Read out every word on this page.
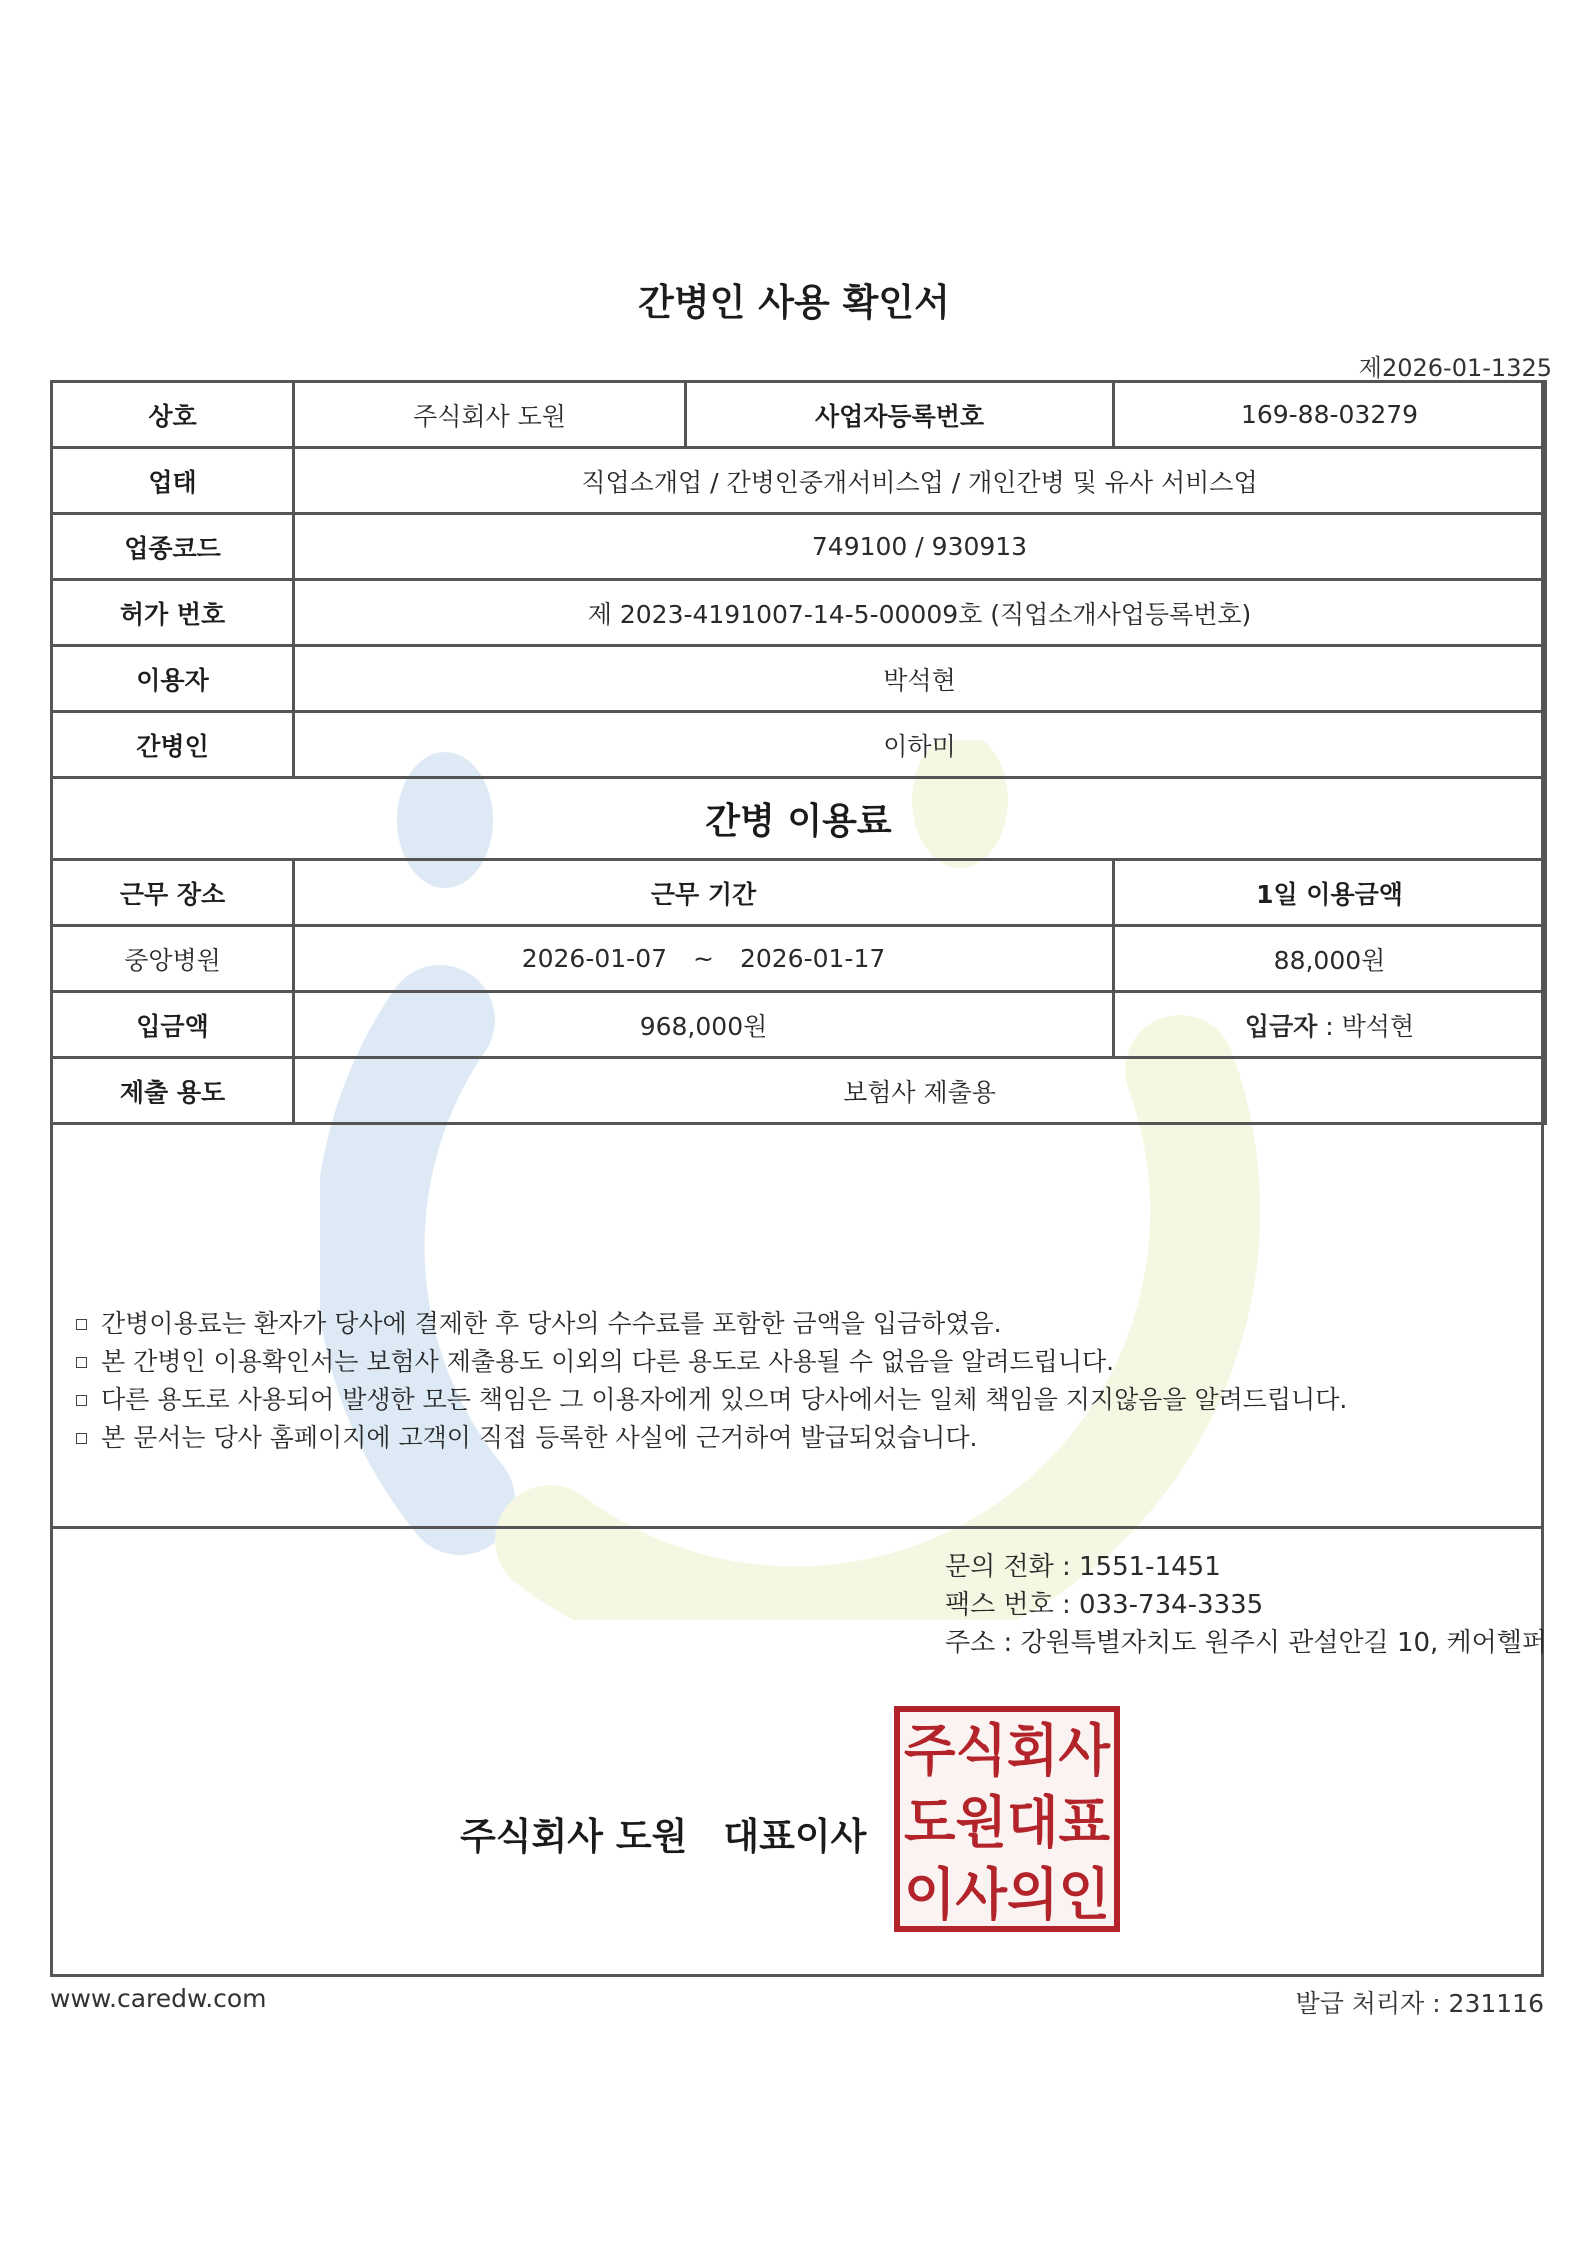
간병인 사용 확인서
제2026-01-1325
상호	주식회사 도원	사업자등록번호	169-88-03279
업태	직업소개업 / 간병인중개서비스업 / 개인간병 및 유사 서비스업		
업종코드	749100 / 930913		
허가 번호	제 2023-4191007-14-5-00009호 (직업소개사업등록번호)		
이용자	박석현		
간병인	이하미		
간병 이용료			
근무 장소	근무 기간		1일 이용금액
중앙병원	2026-01-07 ~ 2026-01-17		88,000원
입금액	968,000원		입금자 : 박석현
제출 용도	보험사 제출용		
간병이용료는 환자가 당사에 결제한 후 당사의 수수료를 포함한 금액을 입금하였음.
본 간병인 이용확인서는 보험사 제출용도 이외의 다른 용도로 사용될 수 없음을 알려드립니다.
다른 용도로 사용되어 발생한 모든 책임은 그 이용자에게 있으며 당사에서는 일체 책임을 지지않음을 알려드립니다.
본 문서는 당사 홈페이지에 고객이 직접 등록한 사실에 근거하여 발급되었습니다.
문의 전화 : 1551-1451
팩스 번호 : 033-734-3335
주소 : 강원특별자치도 원주시 관설안길 10, 케어헬퍼
주식회사 도원 대표이사
주식회사
도원대표
이사의인
www.caredw.com	발급 처리자 : 231116
